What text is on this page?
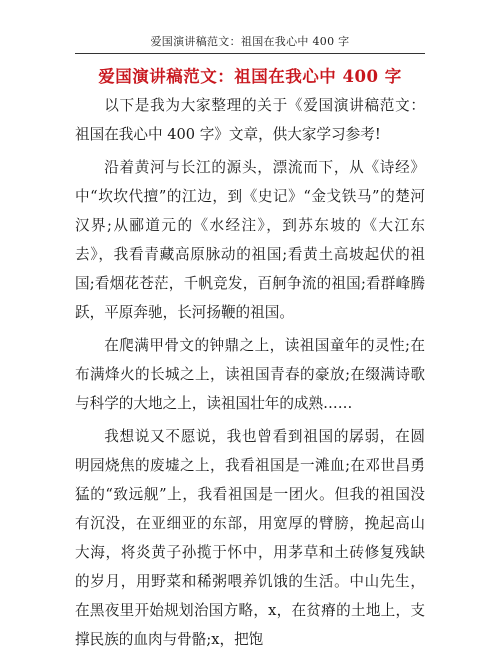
爱国演讲稿范文：祖国在我心中 400 字
爱国演讲稿范文：祖国在我心中 400 字

以下是我为大家整理的关于《爱国演讲稿范文：祖国在我心中 400 字》文章，供大家学习参考!

沿着黄河与长江的源头，漂流而下，从《诗经》中“坎坎代擅”的江边，到《史记》“金戈铁马”的楚河汉界;从郦道元的《水经注》，到苏东坡的《大江东去》，我看青藏高原脉动的祖国;看黄土高坡起伏的祖国;看烟花苍茫，千帆竞发，百舸争流的祖国;看群峰腾跃，平原奔驰，长河扬鞭的祖国。

在爬满甲骨文的钟鼎之上，读祖国童年的灵性;在布满烽火的长城之上，读祖国青春的豪放;在缀满诗歌与科学的大地之上，读祖国壮年的成熟……

我想说又不愿说，我也曾看到祖国的孱弱，在圆明园烧焦的废墟之上，我看祖国是一滩血;在邓世昌勇猛的“致远舰”上，我看祖国是一团火。但我的祖国没有沉没，在亚细亚的东部，用宽厚的臂膀，挽起高山大海，将炎黄子孙揽于怀中，用茅草和土砖修复残缺的岁月，用野菜和稀粥喂养饥饿的生活。中山先生，在黑夜里开始规划治国方略，x，在贫瘠的土地上，支撑民族的血肉与骨骼;x，把饱
